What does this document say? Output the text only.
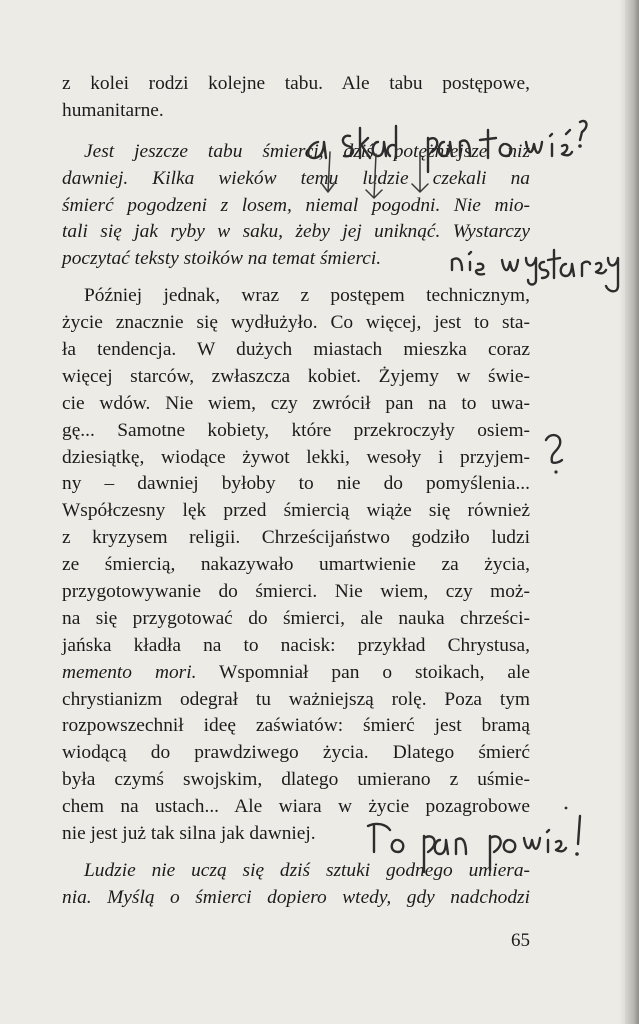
z kolei rodzi kolejne tabu. Ale tabu postępowe,
humanitarne.
Jest jeszcze tabu śmierci, dziś potężniejsze niż
dawniej. Kilka wieków temu ludzie czekali na
śmierć pogodzeni z losem, niemal pogodni. Nie mio-
tali się jak ryby w saku, żeby jej uniknąć. Wystarczy
poczytać teksty stoików na temat śmierci.
Później jednak, wraz z postępem technicznym,
życie znacznie się wydłużyło. Co więcej, jest to sta-
ła tendencja. W dużych miastach mieszka coraz
więcej starców, zwłaszcza kobiet. Żyjemy w świe-
cie wdów. Nie wiem, czy zwrócił pan na to uwa-
gę... Samotne kobiety, które przekroczyły osiem-
dziesiątkę, wiodące żywot lekki, wesoły i przyjem-
ny – dawniej byłoby to nie do pomyślenia...
Współczesny lęk przed śmiercią wiąże się również
z kryzysem religii. Chrześcijaństwo godziło ludzi
ze śmiercią, nakazywało umartwienie za życia,
przygotowywanie do śmierci. Nie wiem, czy moż-
na się przygotować do śmierci, ale nauka chrześci-
jańska kładła na to nacisk: przykład Chrystusa,
memento mori. Wspomniał pan o stoikach, ale
chrystianizm odegrał tu ważniejszą rolę. Poza tym
rozpowszechnił ideę zaświatów: śmierć jest bramą
wiodącą do prawdziwego życia. Dlatego śmierć
była czymś swojskim, dlatego umierano z uśmie-
chem na ustach... Ale wiara w życie pozagrobowe
nie jest już tak silna jak dawniej.
Ludzie nie uczą się dziś sztuki godnego umiera-
nia. Myślą o śmierci dopiero wtedy, gdy nadchodzi
65
